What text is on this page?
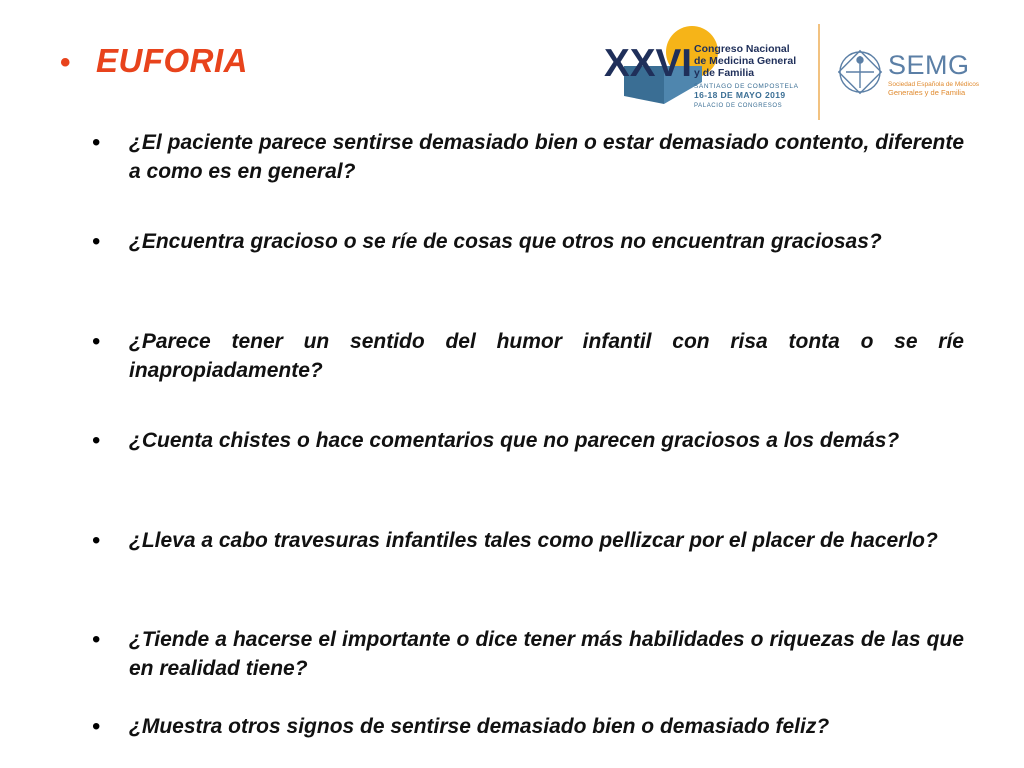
• EUFORIA	XXVI Congreso Nacional
de Medicina General
y de Familia
SANTIAGO DE COMPOSTELA
16-18 DE MAYO 2019
PALACIO DE CONGRESOS
SEMG
Sociedad Española de Médicos
Generales y de Familia
•	¿El paciente parece sentirse demasiado bien o estar demasiado contento, diferente a como es en general?
•	¿Encuentra gracioso o se ríe de cosas que otros no encuentran graciosas?
•	¿Parece tener un sentido del humor infantil con risa tonta o se ríe inapropiadamente?
•	¿Cuenta chistes o hace comentarios que no parecen graciosos a los demás?
•	¿Lleva a cabo travesuras infantiles tales como pellizcar por el placer de hacerlo?
•	¿Tiende a hacerse el importante o dice tener más habilidades o riquezas de las que en realidad tiene?
•	¿Muestra otros signos de sentirse demasiado bien o demasiado feliz?
